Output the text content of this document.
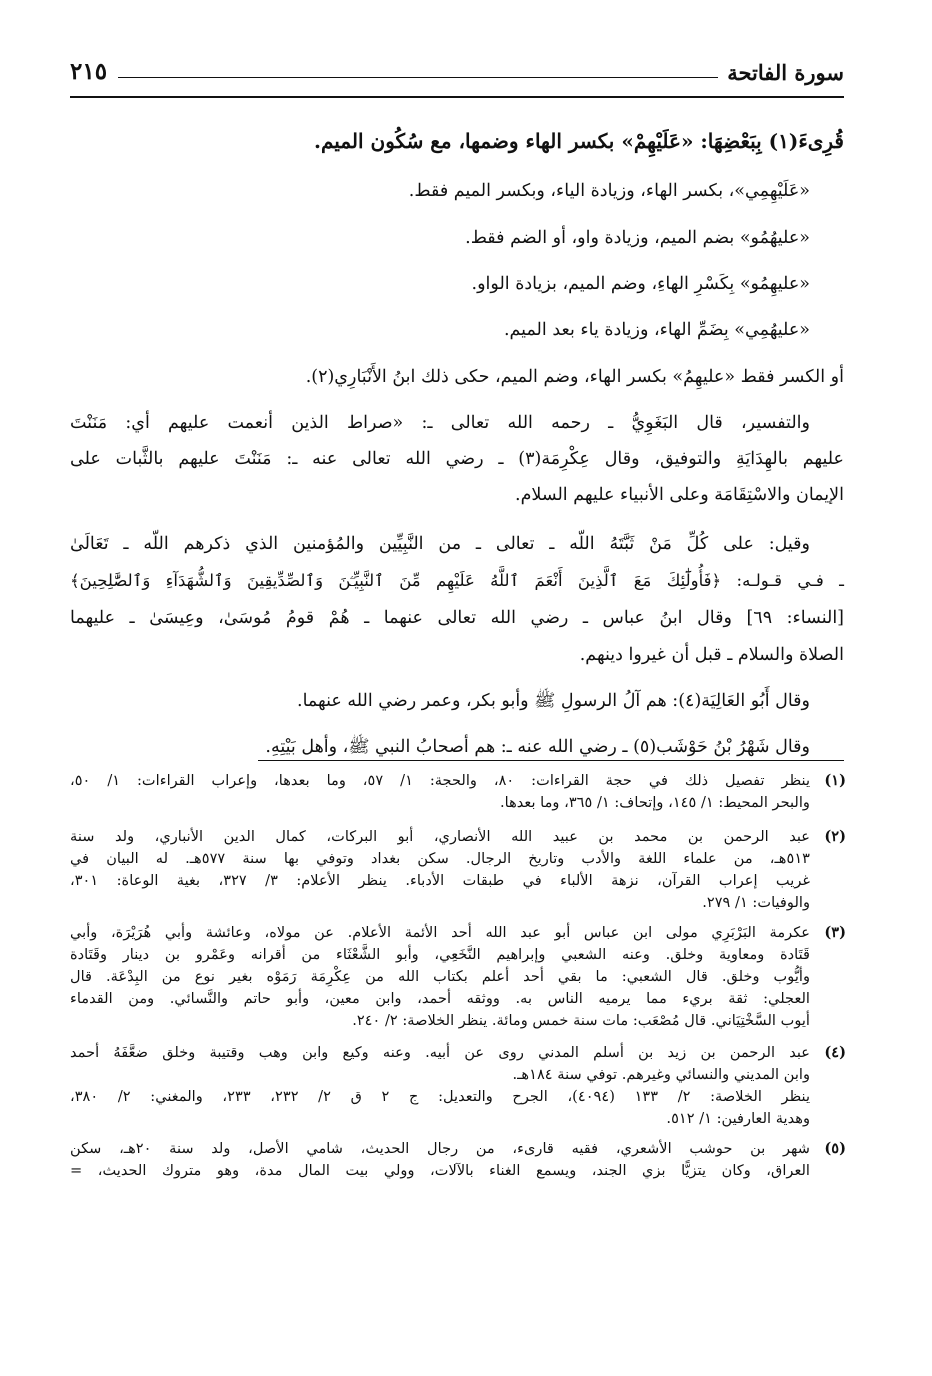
سورة الفاتحة
٢١٥
قُرِىءَ(١) بِبَعْضِهَا: «عَلَيْهِمْ» بكسر الهاء وضمها، مع سُكُون الميم.
«عَلَيْهِمِي»، بكسر الهاء، وزيادة الياء، وبكسر الميم فقط.
«عليهُمُو» بضم الميم، وزيادة واو، أو الضم فقط.
«عليهِمُو» بِكَسْرِ الهاءِ، وضم الميم، بزيادة الواو.
«عليهُمِي» بِضَمِّ الهاء، وزيادة ياء بعد الميم.
أو الكسر فقط «عليهِمُ» بكسر الهاء، وضم الميم، حكى ذلك ابنُ الأَنْبَارِي(٢).
والتفسير، قال البَغَوِيُّ ـ رحمه الله تعالى ـ: «صراط الذين أنعمت عليهم أي: مَنَنْتَ
عليهم بالهِدَايَةِ والتوفيق، وقال عِكْرِمَة(٣) ـ رضي الله تعالى عنه ـ: مَنَنْتَ عليهم بالثَّبات على
الإيمان والاسْتِقَامَة وعلى الأنبياء عليهم السلام.
وقيل: على كُلِّ مَنْ ثَبَّتَهُ اللّه ـ تعالى ـ من النَّبِيِّين والمُؤمنين الذي ذكرهم اللّه ـ تَعَالَىٰ
ـ فـي قـولـه: ﴿فَأُولَٰٓئِكَ مَعَ ٱلَّذِينَ أَنْعَمَ ٱللَّهُ عَلَيْهِم مِّنَ ٱلنَّبِيِّـۧنَ وَٱلصِّدِّيقِينَ وَٱلشُّهَدَآءِ وَٱلصَّٰلِحِينَ﴾
[النساء: ٦٩] وقال ابنُ عباس ـ رضي الله تعالى عنهما ـ هُمْ قومُ مُوسَىٰ، وعِيسَىٰ ـ عليهما
الصلاة والسلام ـ قبل أن غيروا دينهم.
وقال أَبُو العَالِيَة(٤): هم آلُ الرسولِ ﷺ وأبو بكر، وعمر رضي الله عنهما.
وقال شَهْرُ بْنُ حَوْشَب(٥) ـ رضي الله عنه ـ: هم أصحابُ النبي ﷺ، وأهل بَيْتِهِ.
(١)
ينظر تفصيل ذلك في حجة القراءات: ٨٠، والحجة: ١/ ٥٧، وما بعدها، وإعراب القراءات: ١/ ٥٠،
والبحر المحيط: ١/ ١٤٥، وإتحاف: ١/ ٣٦٥، وما بعدها.
(٢)
عبد الرحمن بن محمد بن عبيد الله الأنصاري، أبو البركات، كمال الدين الأنباري، ولد سنة
٥١٣هـ، من علماء اللغة والأدب وتاريخ الرجال. سكن بغداد وتوفي بها سنة ٥٧٧هـ. له البيان في
غريب إعراب القرآن، نزهة الألباء في طبقات الأدباء. ينظر الأعلام: ٣/ ٣٢٧، بغية الوعاة: ٣٠١،
والوفيات: ١/ ٢٧٩.
(٣)
عكرمة البَرْبَرِي مولى ابن عباس أبو عبد الله أحد الأئمة الأعلام. عن مولاه، وعائشة وأبي هُرَيْرَة، وأبي
قَتَادة ومعاوية وخلق. وعنه الشعبي وإبراهيم النَّخَعِي، وأبو الشَّعْثَاء من أقرانه وعَمْرو بن دينار وقَتَادة
وأيُّوب وخلق. قال الشعبي: ما بقي أحد أعلم بكتاب الله من عِكْرِمَة رَمَوْه بغير نوع من البِدْعَة. قال
العجلي: ثقة بريء مما يرميه الناس به. ووثقه أحمد، وابن معين، وأبو حاتم والنَّسائي. ومن القدماء
أيوب السَّخْتِيَاني. قال مُصْعَب: مات سنة خمس ومائة. ينظر الخلاصة: ٢/ ٢٤٠.
(٤)
عبد الرحمن بن زيد بن أسلم المدني روى عن أبيه. وعنه وكيع وابن وهب وقتيبة وخلق ضعَّفَهُ أحمد
وابن المديني والنسائي وغيرهم. توفي سنة ١٨٤هـ.
ينظر الخلاصة: ٢/ ١٣٣ (٤٠٩٤)، الجرح والتعديل: ج ٢ ق ٢/ ٢٣٢، ٢٣٣، والمغني: ٢/ ٣٨٠،
وهدية العارفين: ١/ ٥١٢.
(٥)
شهر بن حوشب الأشعري، فقيه قارىء، من رجال الحديث، شامي الأصل، ولد سنة ٢٠هـ، سكن
العراق، وكان يتزيًّا بزي الجند، ويسمع الغناء بالآلات، وولي بيت المال مدة، وهو متروك الحديث، =
